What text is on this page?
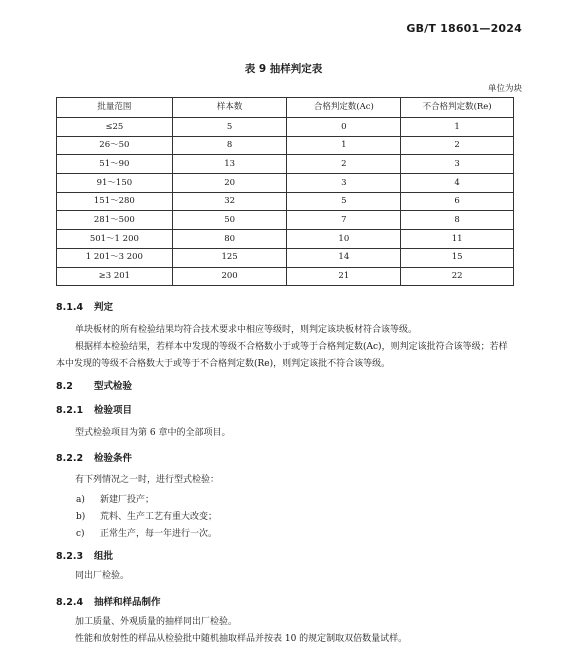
GB/T 18601—2024
表 9 抽样判定表
单位为块
批量范围	样本数	合格判定数(Ac)	不合格判定数(Re)
≤25	5	0	1
26～50	8	1	2
51～90	13	2	3
91～150	20	3	4
151～280	32	5	6
281～500	50	7	8
501～1 200	80	10	11
1 201～3 200	125	14	15
≥3 201	200	21	22
8.1.4 判定
单块板材的所有检验结果均符合技术要求中相应等级时，则判定该块板材符合该等级。
根据样本检验结果，若样本中发现的等级不合格数小于或等于合格判定数(Ac)，则判定该批符合该等级；若样本中发现的等级不合格数大于或等于不合格判定数(Re)，则判定该批不符合该等级。
8.2 型式检验
8.2.1 检验项目
型式检验项目为第 6 章中的全部项目。
8.2.2 检验条件
有下列情况之一时，进行型式检验：
a) 新建厂投产；
b) 荒料、生产工艺有重大改变；
c) 正常生产，每一年进行一次。
8.2.3 组批
同出厂检验。
8.2.4 抽样和样品制作
加工质量、外观质量的抽样同出厂检验。
性能和放射性的样品从检验批中随机抽取样品并按表 10 的规定制取双倍数量试样。
